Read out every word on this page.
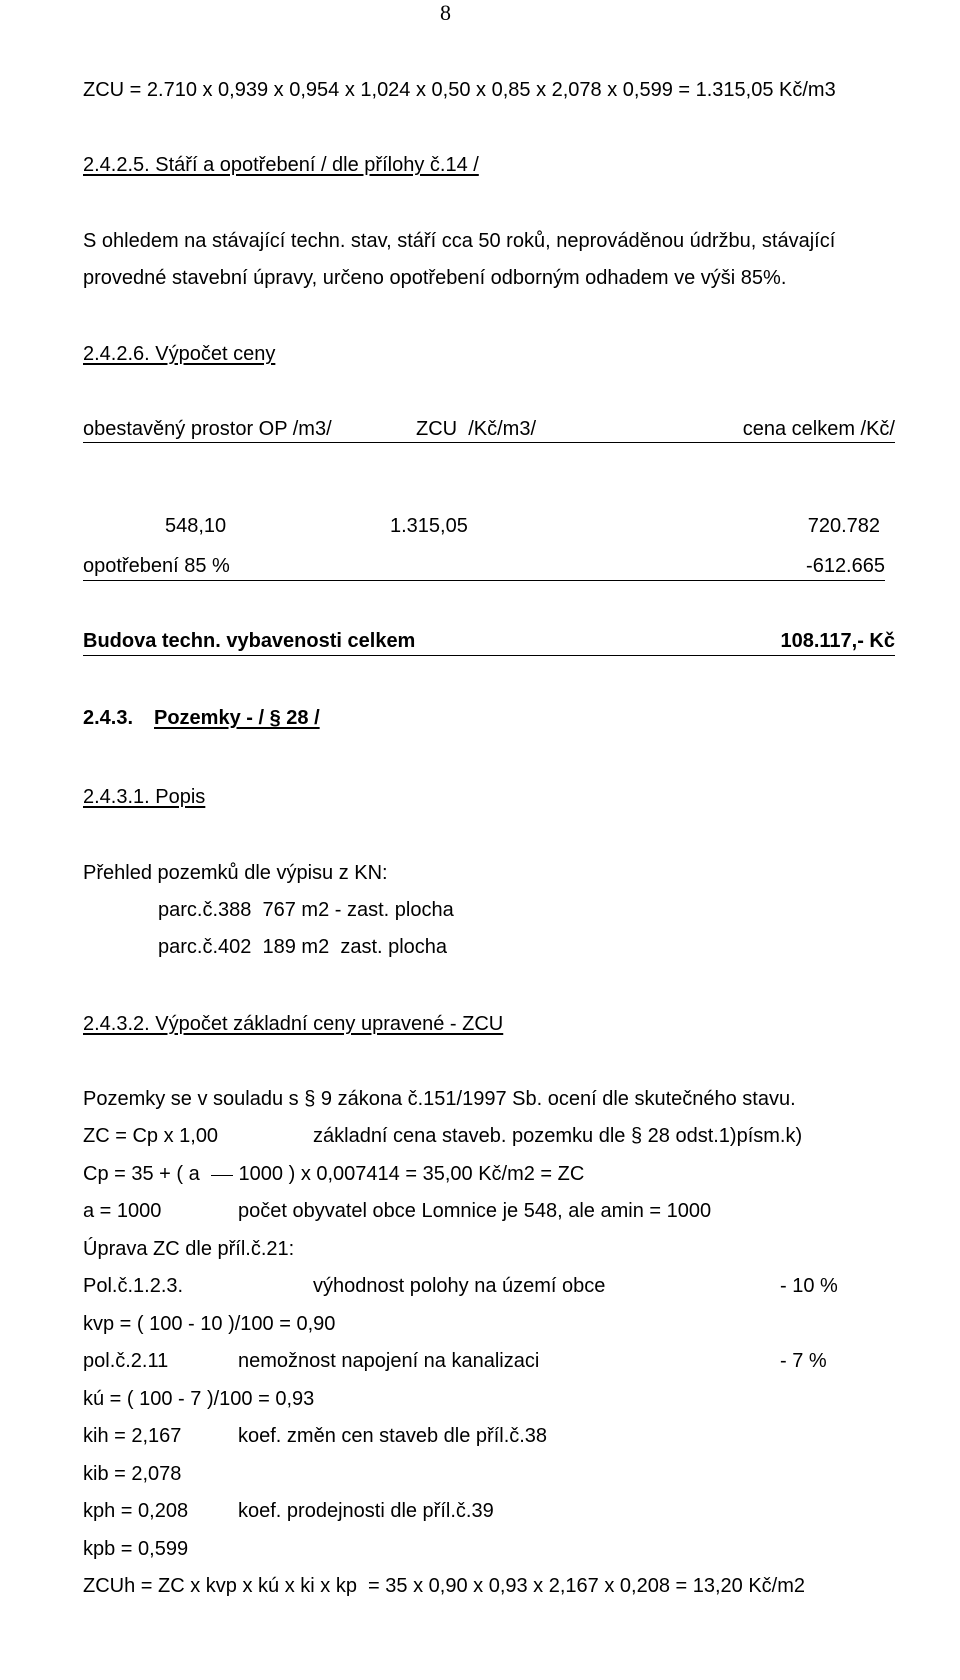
8
ZCU = 2.710 x 0,939 x 0,954 x 1,024 x 0,50 x 0,85 x 2,078 x 0,599 = 1.315,05 Kč/m3
2.4.2.5. Stáří a opotřebení / dle přílohy č.14 /
S ohledem na stávající techn. stav, stáří cca 50 roků, neprováděnou údržbu, stávající
provedné stavební úpravy, určeno opotřebení odborným odhadem ve výši 85%.
2.4.2.6. Výpočet ceny
obestavěný prostor OP /m3/	ZCU  /Kč/m3/	cena celkem /Kč/
548,10	1.315,05	720.782
opotřebení 85 %	-612.665
Budova techn. vybavenosti celkem	108.117,- Kč
2.4.3. Pozemky - / § 28 /
2.4.3.1. Popis
Přehled pozemků dle výpisu z KN:
parc.č.388  767 m2 - zast. plocha
parc.č.402  189 m2  zast. plocha
2.4.3.2. Výpočet základní ceny upravené - ZCU
Pozemky se v souladu s § 9 zákona č.151/1997 Sb. ocení dle skutečného stavu.
ZC = Cp x 1,00	základní cena staveb. pozemku dle § 28 odst.1)písm.k)
Cp = 35 + ( a 1000 ) x 0,007414 = 35,00 Kč/m2 = ZC
a = 1000	počet obyvatel obce Lomnice je 548, ale amin = 1000
Úprava ZC dle příl.č.21:
Pol.č.1.2.3.	výhodnost polohy na území obce	- 10 %
kvp = ( 100 - 10 )/100 = 0,90
pol.č.2.11	nemožnost napojení na kanalizaci	- 7 %
kú = ( 100 - 7 )/100 = 0,93
kih = 2,167	koef. změn cen staveb dle příl.č.38
kib = 2,078
kph = 0,208 koef. prodejnosti dle příl.č.39
kpb = 0,599
ZCUh = ZC x kvp x kú x ki x kp  = 35 x 0,90 x 0,93 x 2,167 x 0,208 = 13,20 Kč/m2
